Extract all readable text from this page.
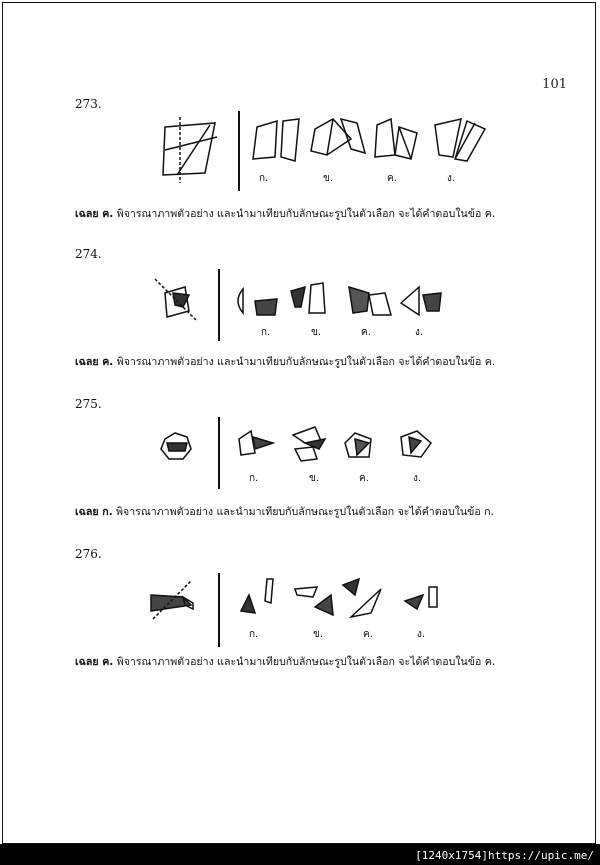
101
273.
ก.	ข.	ค.	ง.
เฉลย ค. พิจารณาภาพตัวอย่าง และนำมาเทียบกับลักษณะรูปในตัวเลือก จะได้คำตอบในข้อ ค.
274.
ก.	ข.	ค.	ง.
เฉลย ค. พิจารณาภาพตัวอย่าง และนำมาเทียบกับลักษณะรูปในตัวเลือก จะได้คำตอบในข้อ ค.
275.
ก.	ข.	ค.	ง.
เฉลย ก. พิจารณาภาพตัวอย่าง และนำมาเทียบกับลักษณะรูปในตัวเลือก จะได้คำตอบในข้อ ก.
276.
ก.	ข.	ค.	ง.
เฉลย ค. พิจารณาภาพตัวอย่าง และนำมาเทียบกับลักษณะรูปในตัวเลือก จะได้คำตอบในข้อ ค.
[1240x1754]https://upic.me/
